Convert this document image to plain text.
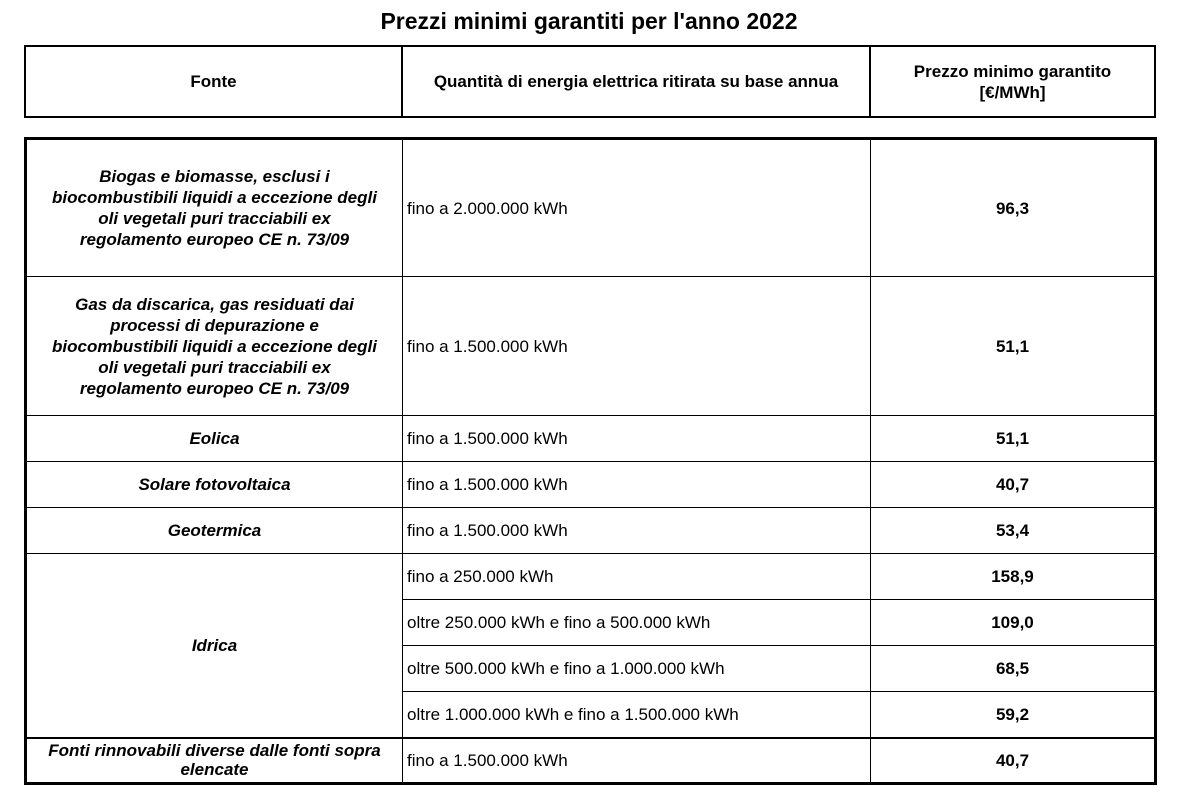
Prezzi minimi garantiti per l'anno 2022
Fonte	Quantità di energia elettrica ritirata su base annua	Prezzo minimo garantito
[€/MWh]
Biogas e biomasse, esclusi i
biocombustibili liquidi a eccezione degli
oli vegetali puri tracciabili ex
regolamento europeo CE n. 73/09	fino a 2.000.000 kWh	96,3
Gas da discarica, gas residuati dai
processi di depurazione e
biocombustibili liquidi a eccezione degli
oli vegetali puri tracciabili ex
regolamento europeo CE n. 73/09	fino a 1.500.000 kWh	51,1
Eolica	fino a 1.500.000 kWh	51,1
Solare fotovoltaica	fino a 1.500.000 kWh	40,7
Geotermica	fino a 1.500.000 kWh	53,4
Idrica	fino a 250.000 kWh	158,9
	oltre 250.000 kWh e fino a 500.000 kWh	109,0
	oltre 500.000 kWh e fino a 1.000.000 kWh	68,5
	oltre 1.000.000 kWh e fino a 1.500.000 kWh	59,2
Fonti rinnovabili diverse dalle fonti sopra
elencate	fino a 1.500.000 kWh	40,7
